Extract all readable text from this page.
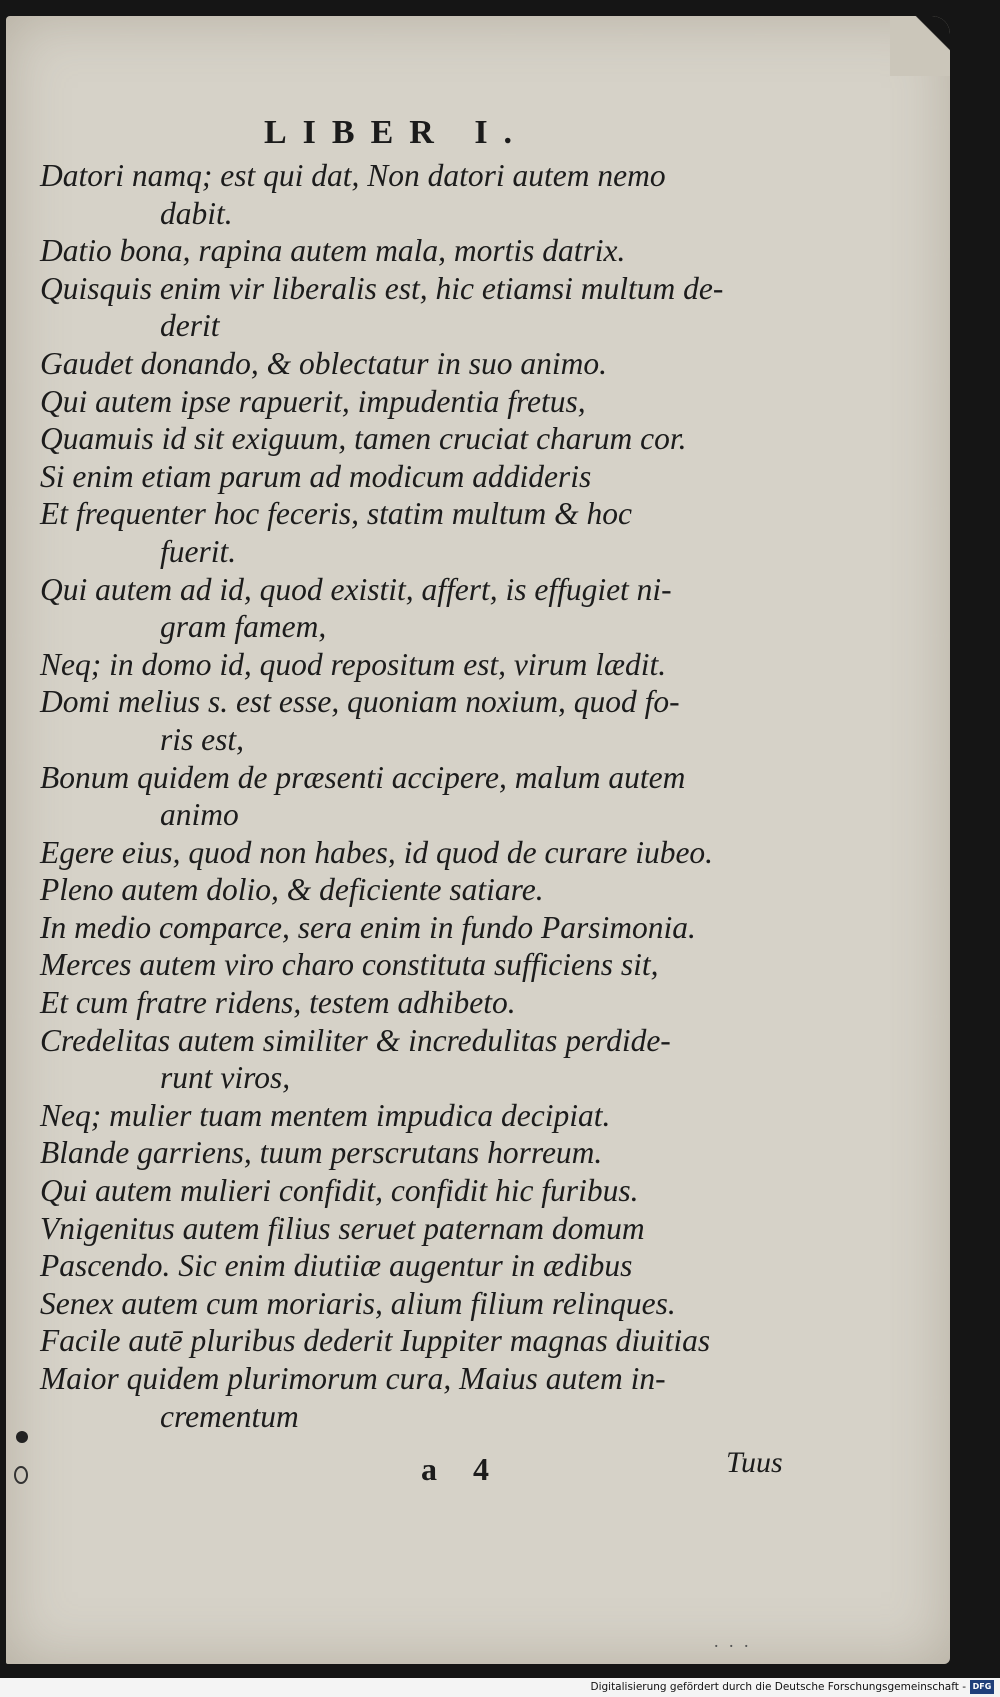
LIBER I.
Datori namq; est qui dat, Non datori autem nemo
dabit.
Datio bona, rapina autem mala, mortis datrix.
Quisquis enim vir liberalis est, hic etiamsi multum de-
derit
Gaudet donando, & oblectatur in suo animo.
Qui autem ipse rapuerit, impudentia fretus,
Quamuis id sit exiguum, tamen cruciat charum cor.
Si enim etiam parum ad modicum addideris
Et frequenter hoc feceris, statim multum & hoc
fuerit.
Qui autem ad id, quod existit, affert, is effugiet ni-
gram famem,
Neq; in domo id, quod repositum est, virum lædit.
Domi melius s. est esse, quoniam noxium, quod fo-
ris est,
Bonum quidem de præsenti accipere, malum autem
animo
Egere eius, quod non habes, id quod de curare iubeo.
Pleno autem dolio, & deficiente satiare.
In medio comparce, sera enim in fundo Parsimonia.
Merces autem viro charo constituta sufficiens sit,
Et cum fratre ridens, testem adhibeto.
Credelitas autem similiter & incredulitas perdide-
runt viros,
Neq; mulier tuam mentem impudica decipiat.
Blande garriens, tuum perscrutans horreum.
Qui autem mulieri confidit, confidit hic furibus.
Vnigenitus autem filius seruet paternam domum
Pascendo. Sic enim diutiiæ augentur in ædibus
Senex autem cum moriaris, alium filium relinques.
Facile autē pluribus dederit Iuppiter magnas diuitias
Maior quidem plurimorum cura, Maius autem in-
crementum
a 4	Tuus
. . .
Digitalisierung gefördert durch die Deutsche Forschungsgemeinschaft - DFG
